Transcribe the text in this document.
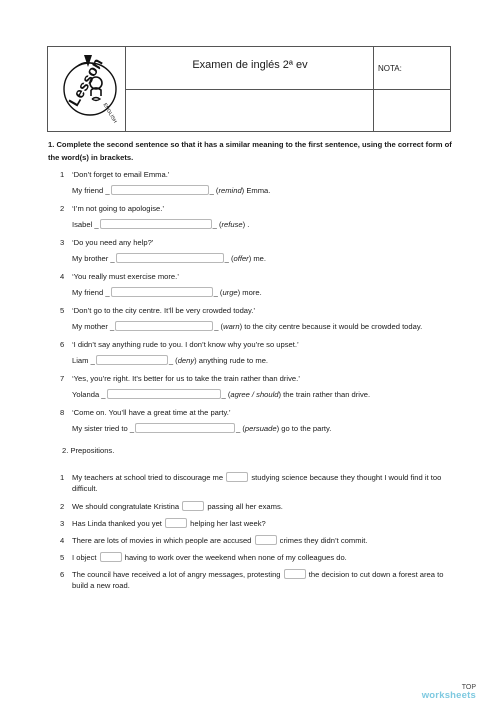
Lesson
ENGLISH
Examen de inglés 2ª ev	NOTA:
1. Complete the second sentence so that it has a similar meaning to the first sentence, using the correct form of the word(s) in brackets.
1 ‘Don’t forget to email Emma.’
My friend _	_ (remind) Emma.
2 ‘I’m not going to apologise.’
Isabel _	_ (refuse) .
3 ‘Do you need any help?’
My brother _	_ (offer) me.
4 ‘You really must exercise more.’
My friend _	_ (urge) more.
5 ‘Don’t go to the city centre. It’ll be very crowded today.’
My mother _	_ (warn) to the city centre because it would be crowded today.
6 ‘I didn’t say anything rude to you. I don’t know why you’re so upset.’
Liam _	_ (deny) anything rude to me.
7 ‘Yes, you’re right. It’s better for us to take the train rather than drive.’
Yolanda _	_ (agree / should) the train rather than drive.
8 ‘Come on. You’ll have a great time at the party.’
My sister tried to _	_ (persuade) go to the party.
2. Prepositions.
1 My teachers at school tried to discourage me	studying science because they thought I would find it too difficult.
2 We should congratulate Kristina	passing all her exams.
3 Has Linda thanked you yet	helping her last week?
4 There are lots of movies in which people are accused	crimes they didn’t commit.
5 I object	having to work over the weekend when none of my colleagues do.
6 The council have received a lot of angry messages, protesting	the decision to cut down a forest area to build a new road.
TOP
worksheets
